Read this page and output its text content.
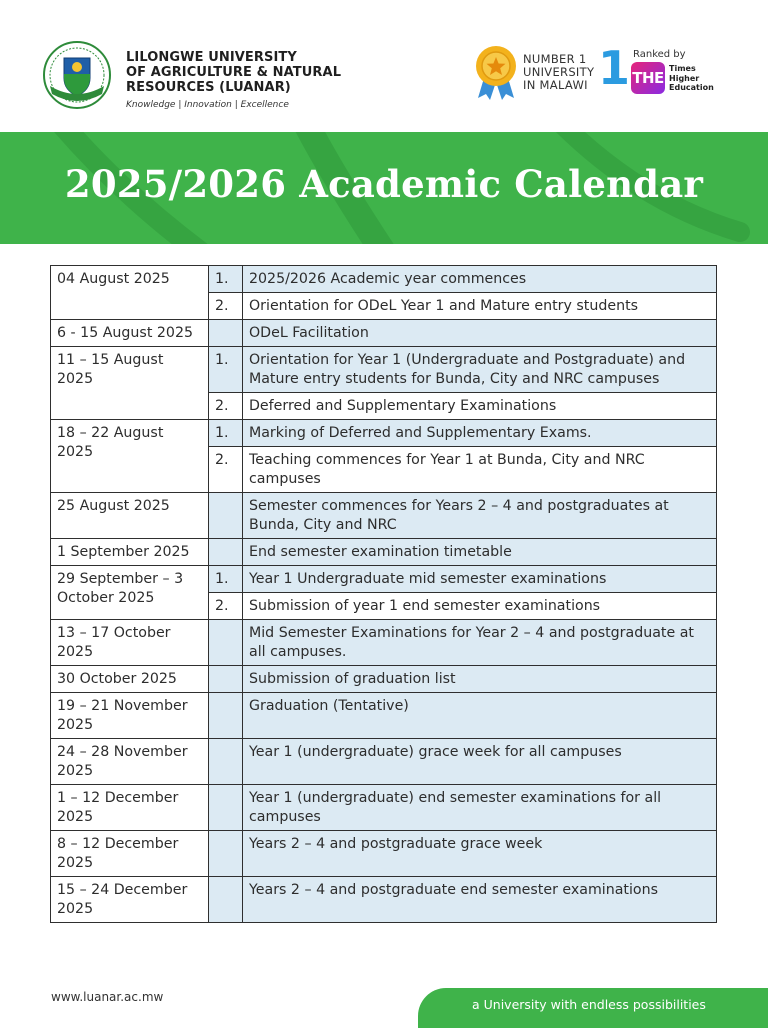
LILONGWE UNIVERSITY
OF AGRICULTURE & NATURAL
RESOURCES (LUANAR)
Knowledge | Innovation | Excellence
NUMBER 1
UNIVERSITY
IN MALAWI 1 Ranked by
THE
Times
Higher
Education
2025/2026 Academic Calendar
04 August 2025	1.	2025/2026 Academic year commences
	2.	Orientation for ODeL Year 1 and Mature entry students
6 - 15 August 2025		ODeL Facilitation
11 – 15 August 2025	1.	Orientation for Year 1 (Undergraduate and Postgraduate) and Mature entry students for Bunda, City and NRC campuses
	2.	Deferred and Supplementary Examinations
18 – 22 August 2025	1.	Marking of Deferred and Supplementary Exams.
	2.	Teaching commences for Year 1 at Bunda, City and NRC campuses
25 August 2025		Semester commences for Years 2 – 4 and postgraduates at Bunda, City and NRC
1 September 2025		End semester examination timetable
29 September – 3 October 2025	1.	Year 1 Undergraduate mid semester examinations
	2.	Submission of year 1 end semester examinations
13 – 17 October 2025		Mid Semester Examinations for Year 2 – 4 and postgraduate at all campuses.
30 October 2025		Submission of graduation list
19 – 21 November 2025		Graduation (Tentative)
24 – 28 November 2025		Year 1 (undergraduate) grace week for all campuses
1 – 12 December 2025		Year 1 (undergraduate) end semester examinations for all campuses
8 – 12 December 2025		Years 2 – 4 and postgraduate grace week
15 – 24 December 2025		Years 2 – 4 and postgraduate end semester examinations
www.luanar.ac.mw	a University with endless possibilities
